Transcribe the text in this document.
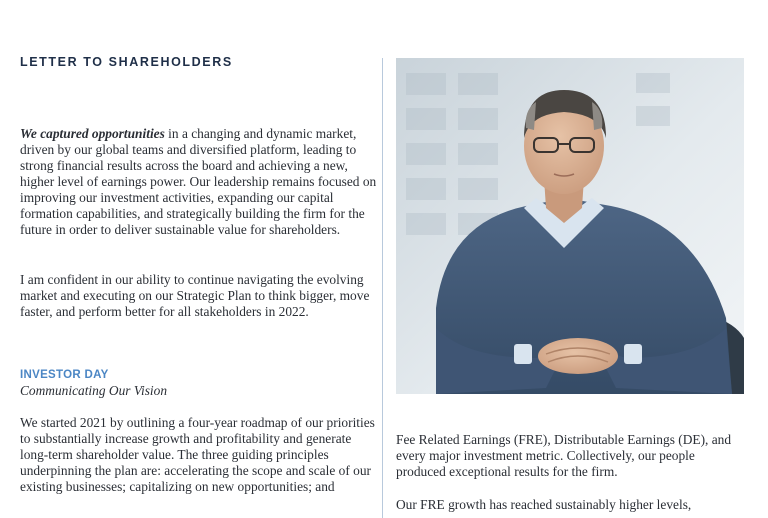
LETTER TO SHAREHOLDERS

We captured opportunities in a changing and dynamic market, driven by our global teams and diversified platform, leading to strong financial results across the board and achieving a new, higher level of earnings power. Our leadership remains focused on improving our investment activities, expanding our capital formation capabilities, and strategically building the firm for the future in order to deliver sustainable value for shareholders.

I am confident in our ability to continue navigating the evolving market and executing on our Strategic Plan to think bigger, move faster, and perform better for all stakeholders in 2022.

INVESTOR DAY
Communicating Our Vision

We started 2021 by outlining a four-year roadmap of our priorities to substantially increase growth and profitability and generate long-term shareholder value. The three guiding principles underpinning the plan are: accelerating the scope and scale of our existing businesses; capitalizing on new opportunities; and

Fee Related Earnings (FRE), Distributable Earnings (DE), and every major investment metric. Collectively, our people produced exceptional results for the firm.

Our FRE growth has reached sustainably higher levels,
